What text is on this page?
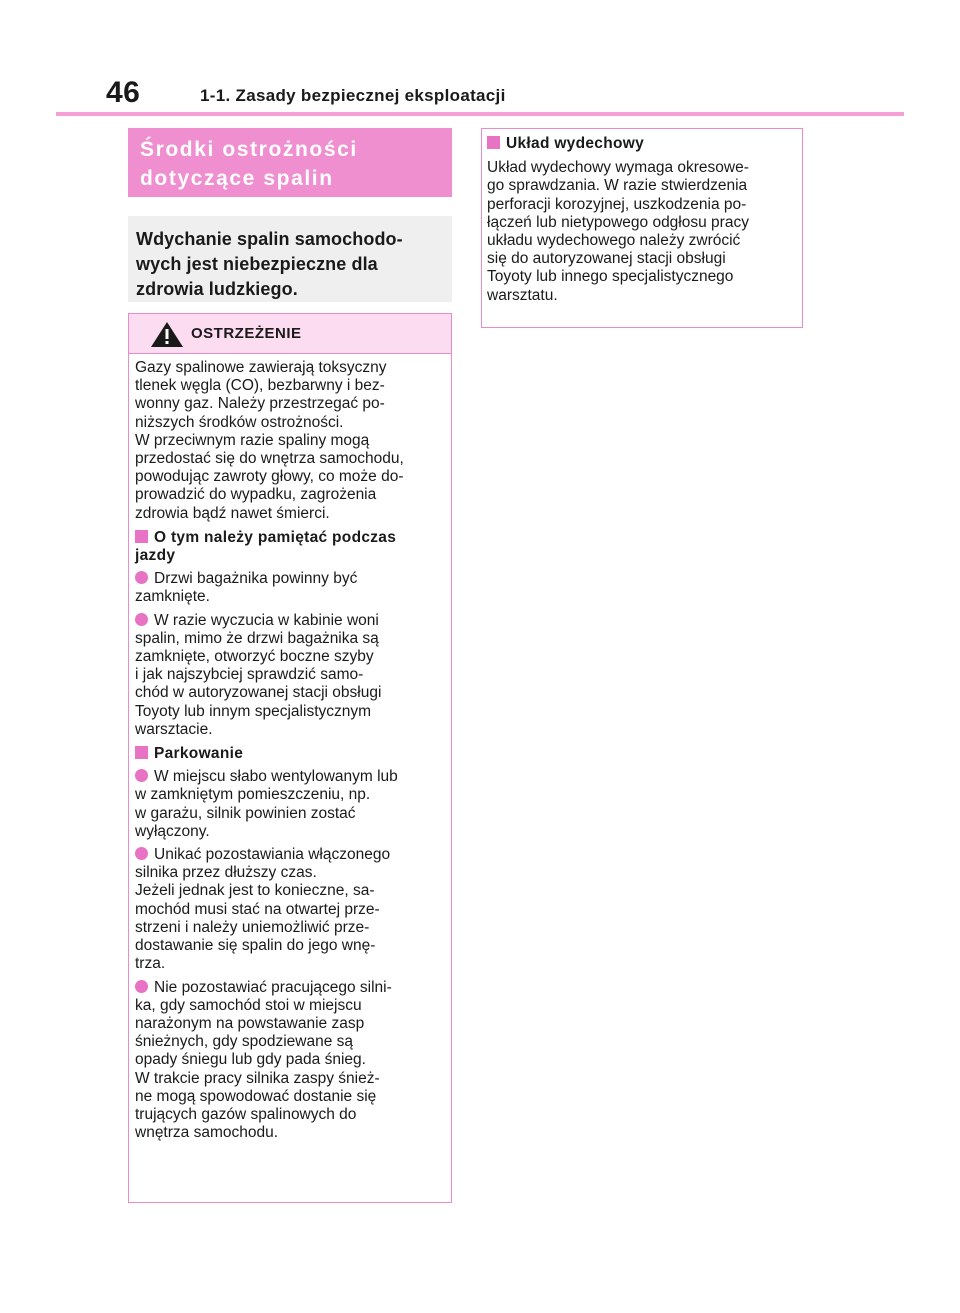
46	1-1. Zasady bezpiecznej eksploatacji
Środki ostrożności
dotyczące spalin
Wdychanie spalin samochodo-
wych jest niebezpieczne dla
zdrowia ludzkiego.
OSTRZEŻENIE

Gazy spalinowe zawierają toksyczny
tlenek węgla (CO), bezbarwny i bez-
wonny gaz. Należy przestrzegać po-
niższych środków ostrożności.
W przeciwnym razie spaliny mogą
przedostać się do wnętrza samochodu,
powodując zawroty głowy, co może do-
prowadzić do wypadku, zagrożenia
zdrowia bądź nawet śmierci.

O tym należy pamiętać podczas
jazdy
Drzwi bagażnika powinny być
zamknięte.
W razie wyczucia w kabinie woni
spalin, mimo że drzwi bagażnika są
zamknięte, otworzyć boczne szyby
i jak najszybciej sprawdzić samo-
chód w autoryzowanej stacji obsługi
Toyoty lub innym specjalistycznym
warsztacie.
Parkowanie
W miejscu słabo wentylowanym lub
w zamkniętym pomieszczeniu, np.
w garażu, silnik powinien zostać
wyłączony.
Unikać pozostawiania włączonego
silnika przez dłuższy czas.
Jeżeli jednak jest to konieczne, sa-
mochód musi stać na otwartej prze-
strzeni i należy uniemożliwić prze-
dostawanie się spalin do jego wnę-
trza.
Nie pozostawiać pracującego silni-
ka, gdy samochód stoi w miejscu
narażonym na powstawanie zasp
śnieżnych, gdy spodziewane są
opady śniegu lub gdy pada śnieg.
W trakcie pracy silnika zaspy śnież-
ne mogą spowodować dostanie się
trujących gazów spalinowych do
wnętrza samochodu.
Układ wydechowy

Układ wydechowy wymaga okresowe-
go sprawdzania. W razie stwierdzenia
perforacji korozyjnej, uszkodzenia po-
łączeń lub nietypowego odgłosu pracy
układu wydechowego należy zwrócić
się do autoryzowanej stacji obsługi
Toyoty lub innego specjalistycznego
warsztatu.
